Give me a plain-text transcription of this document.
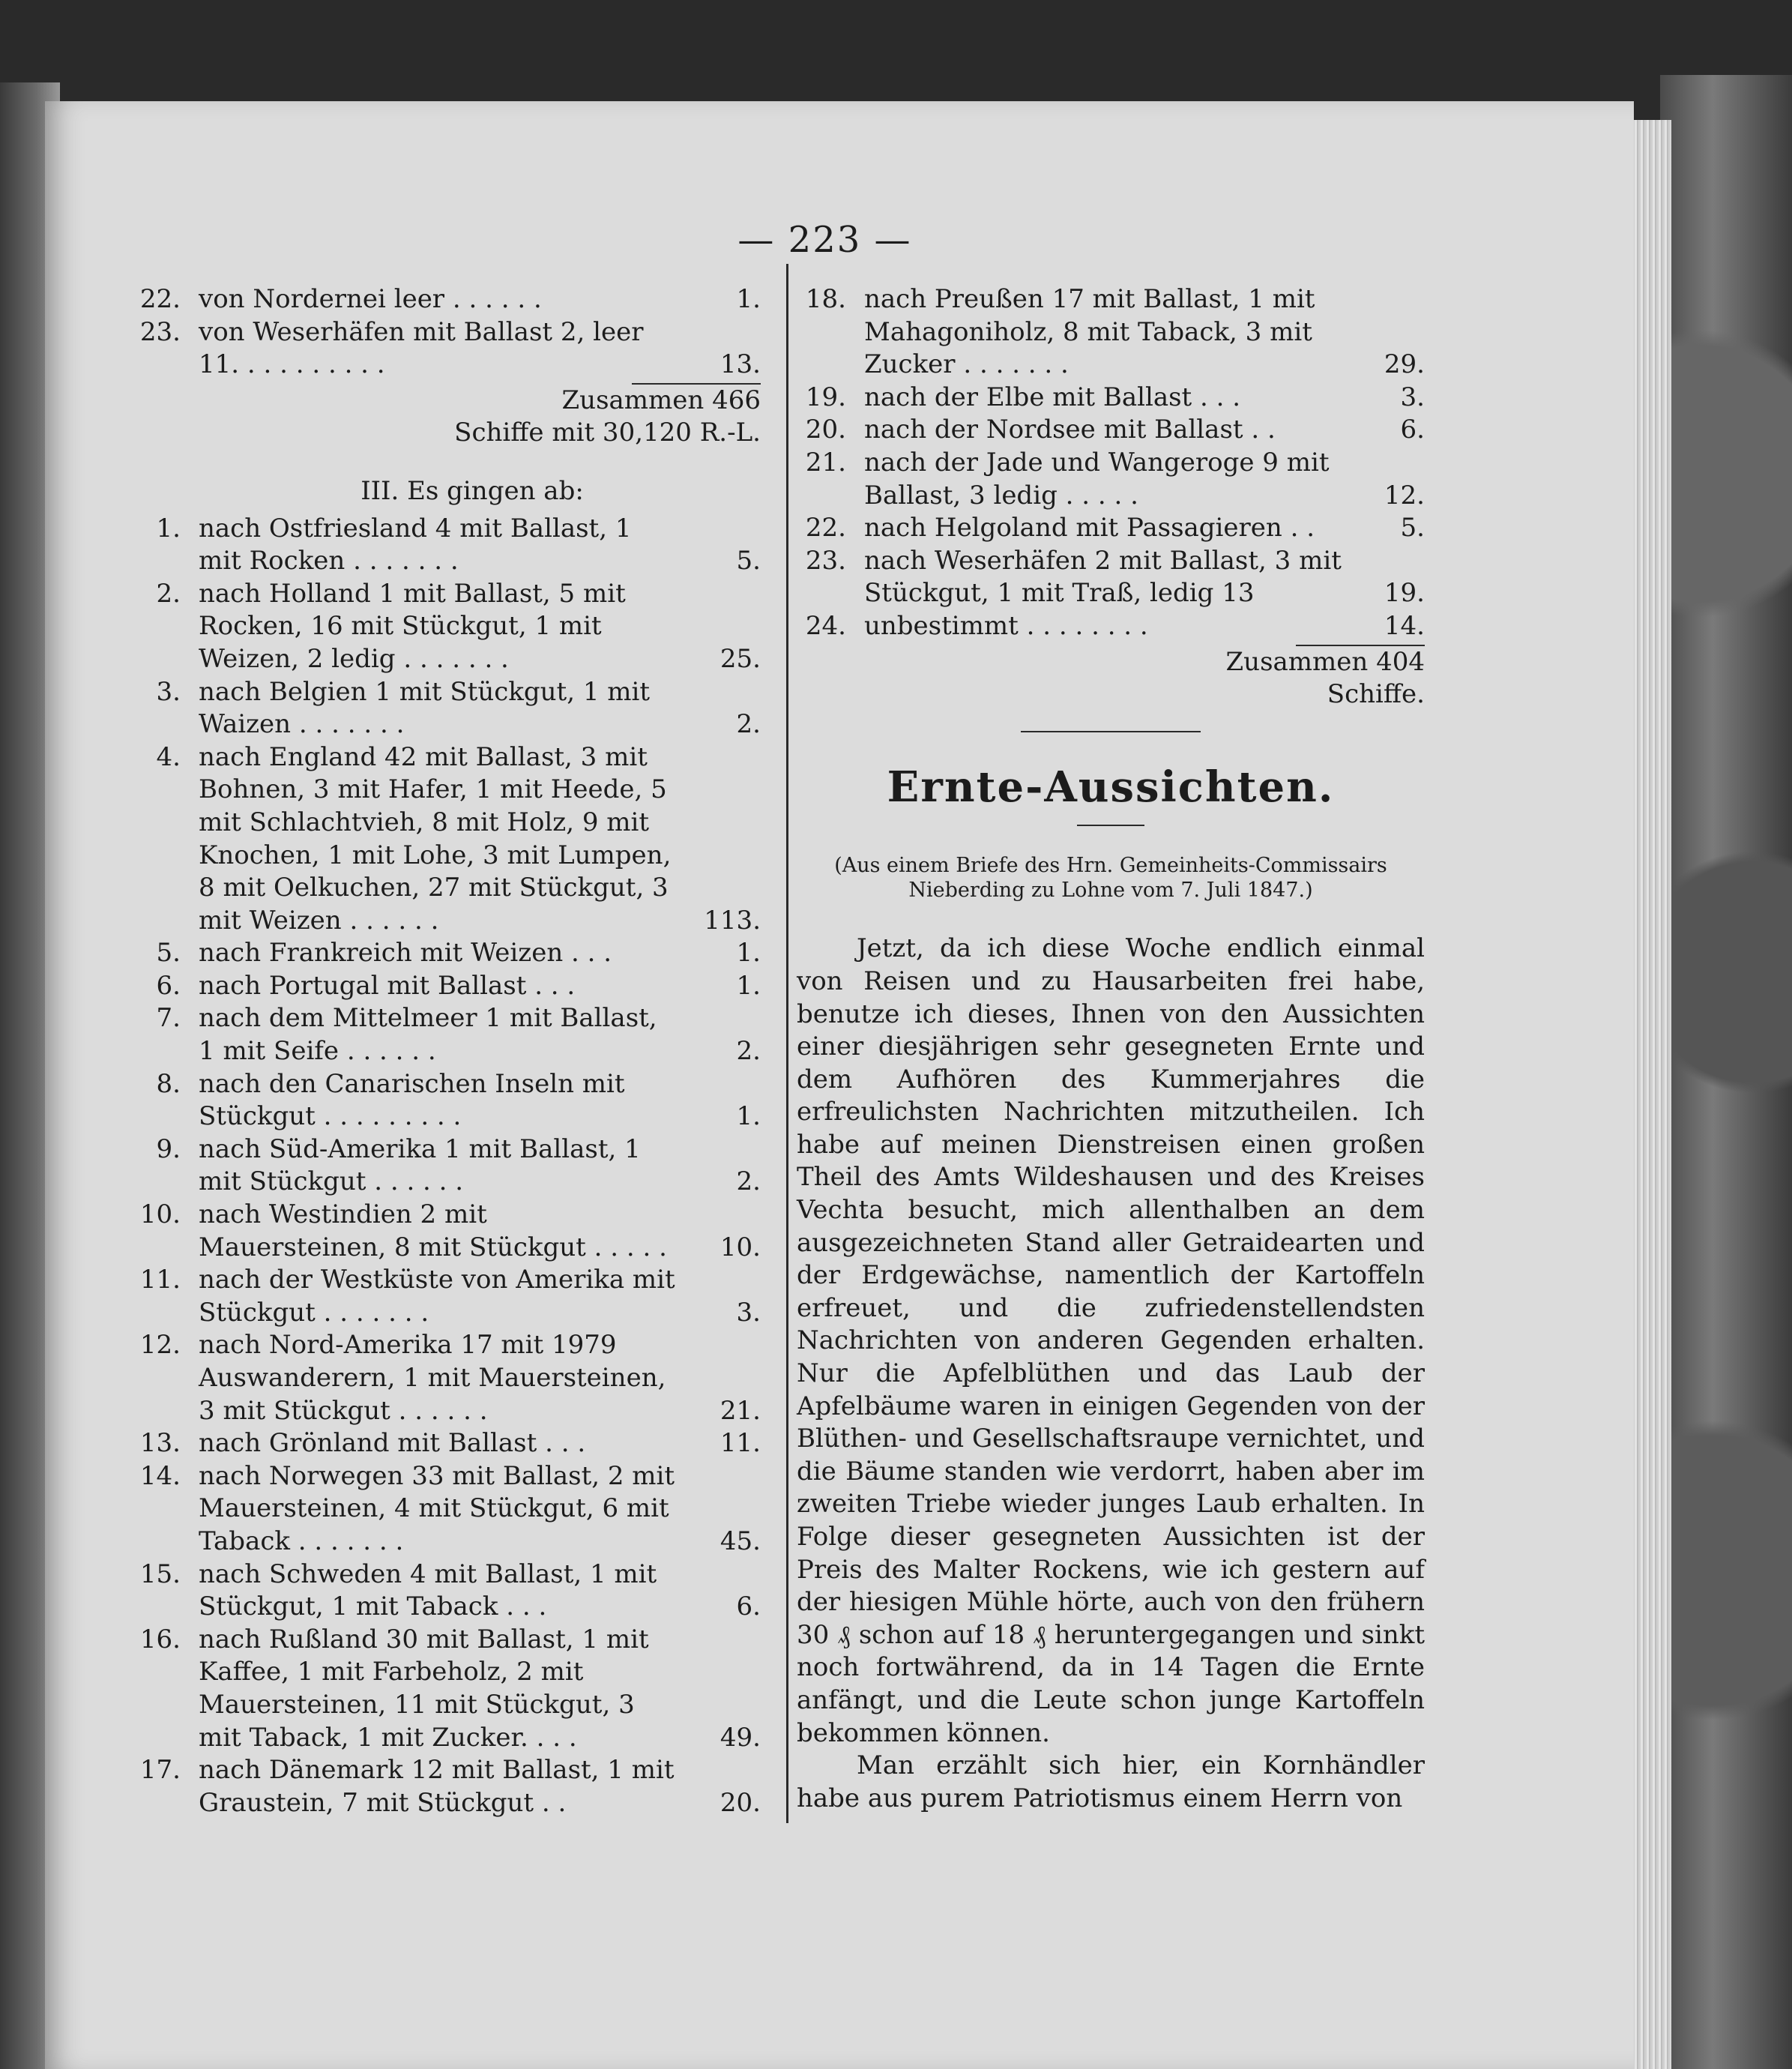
— 223 —
22. von Nordernei leer . . . . . .	1.
23. von Weserhäfen mit Ballast 2, leer 11. . . . . . . . . .	13.
Zusammen 466
Schiffe mit 30,120 R.-L.
III. Es gingen ab:
1. nach Ostfriesland 4 mit Ballast, 1 mit Rocken . . . . . . .	5.
2. nach Holland 1 mit Ballast, 5 mit Rocken, 16 mit Stückgut, 1 mit Weizen, 2 ledig . . . . . . .	25.
3. nach Belgien 1 mit Stückgut, 1 mit Waizen . . . . . . .	2.
4. nach England 42 mit Ballast, 3 mit Bohnen, 3 mit Hafer, 1 mit Heede, 5 mit Schlachtvieh, 8 mit Holz, 9 mit Knochen, 1 mit Lohe, 3 mit Lumpen, 8 mit Oelkuchen, 27 mit Stückgut, 3 mit Weizen . . . . . .	113.
5. nach Frankreich mit Weizen . . .	1.
6. nach Portugal mit Ballast . . .	1.
7. nach dem Mittelmeer 1 mit Ballast, 1 mit Seife . . . . . .	2.
8. nach den Canarischen Inseln mit Stückgut . . . . . . . . .	1.
9. nach Süd-Amerika 1 mit Ballast, 1 mit Stückgut . . . . . .	2.
10. nach Westindien 2 mit Mauersteinen, 8 mit Stückgut . . . . .	10.
11. nach der Westküste von Amerika mit Stückgut . . . . . . .	3.
12. nach Nord-Amerika 17 mit 1979 Auswanderern, 1 mit Mauersteinen, 3 mit Stückgut . . . . . .	21.
13. nach Grönland mit Ballast . . .	11.
14. nach Norwegen 33 mit Ballast, 2 mit Mauersteinen, 4 mit Stückgut, 6 mit Taback . . . . . . .	45.
15. nach Schweden 4 mit Ballast, 1 mit Stückgut, 1 mit Taback . . .	6.
16. nach Rußland 30 mit Ballast, 1 mit Kaffee, 1 mit Farbeholz, 2 mit Mauersteinen, 11 mit Stückgut, 3 mit Taback, 1 mit Zucker. . . .	49.
17. nach Dänemark 12 mit Ballast, 1 mit Graustein, 7 mit Stückgut . .	20.
18. nach Preußen 17 mit Ballast, 1 mit Mahagoniholz, 8 mit Taback, 3 mit Zucker . . . . . . .	29.
19. nach der Elbe mit Ballast . . .	3.
20. nach der Nordsee mit Ballast . .	6.
21. nach der Jade und Wangeroge 9 mit Ballast, 3 ledig . . . . .	12.
22. nach Helgoland mit Passagieren . .	5.
23. nach Weserhäfen 2 mit Ballast, 3 mit Stückgut, 1 mit Traß, ledig 13	19.
24. unbestimmt . . . . . . . .	14.
Zusammen 404
Schiffe.
Ernte-Aussichten.
(Aus einem Briefe des Hrn. Gemeinheits-Commissairs Nieberding zu Lohne vom 7. Juli 1847.)
Jetzt, da ich diese Woche endlich einmal von Reisen und zu Hausarbeiten frei habe, benutze ich dieses, Ihnen von den Aussichten einer diesjährigen sehr gesegneten Ernte und dem Aufhören des Kummerjahres die erfreulichsten Nachrichten mitzutheilen. Ich habe auf meinen Dienstreisen einen großen Theil des Amts Wildeshausen und des Kreises Vechta besucht, mich allenthalben an dem ausgezeichneten Stand aller Getraidearten und der Erdgewächse, namentlich der Kartoffeln erfreuet, und die zufriedenstellendsten Nachrichten von anderen Gegenden erhalten. Nur die Apfelblüthen und das Laub der Apfelbäume waren in einigen Gegenden von der Blüthen- und Gesellschaftsraupe vernichtet, und die Bäume standen wie verdorrt, haben aber im zweiten Triebe wieder junges Laub erhalten. In Folge dieser gesegneten Aussichten ist der Preis des Malter Rockens, wie ich gestern auf der hiesigen Mühle hörte, auch von den frühern 30 ₰ schon auf 18 ₰ heruntergegangen und sinkt noch fortwährend, da in 14 Tagen die Ernte anfängt, und die Leute schon junge Kartoffeln bekommen können.
Man erzählt sich hier, ein Kornhändler habe aus purem Patriotismus einem Herrn von
